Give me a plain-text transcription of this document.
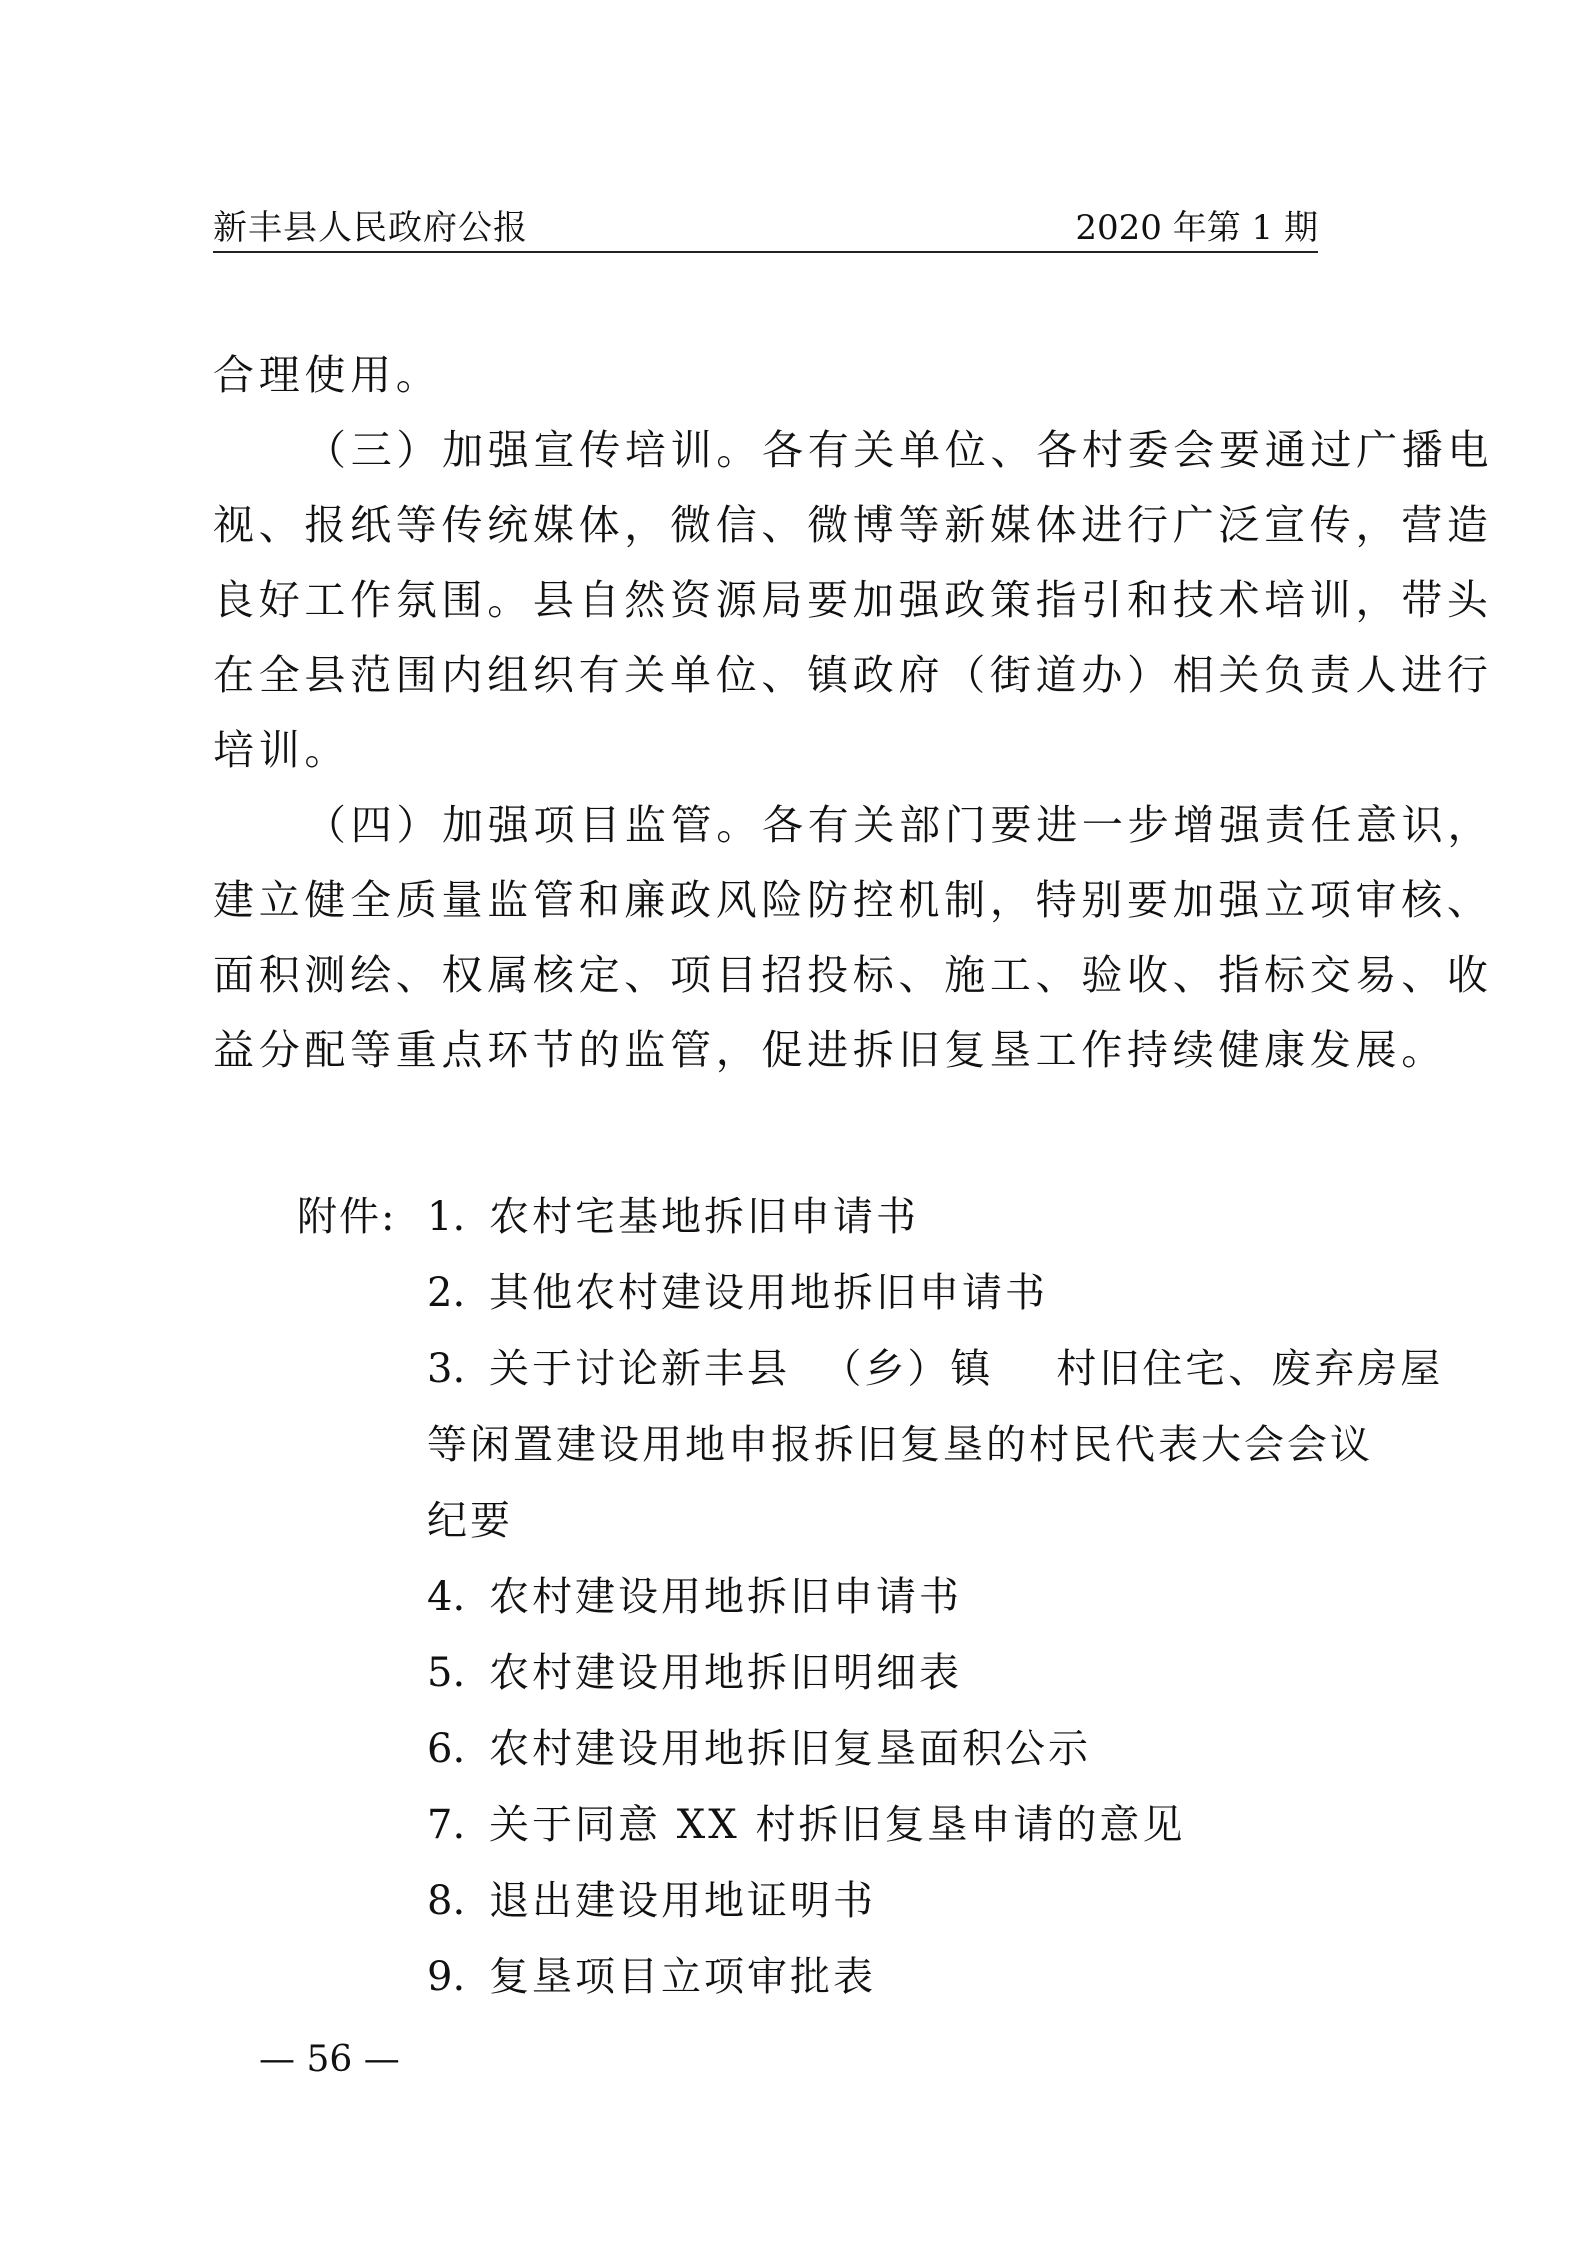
新丰县人民政府公报	2020 年第 1 期

合理使用。

（三）加强宣传培训。各有关单位、各村委会要通过广播电

视、报纸等传统媒体，微信、微博等新媒体进行广泛宣传，营造

良好工作氛围。县自然资源局要加强政策指引和技术培训，带头

在全县范围内组织有关单位、镇政府（街道办）相关负责人进行

培训。

（四）加强项目监管。各有关部门要进一步增强责任意识，

建立健全质量监管和廉政风险防控机制，特别要加强立项审核、

面积测绘、权属核定、项目招投标、施工、验收、指标交易、收

益分配等重点环节的监管，促进拆旧复垦工作持续健康发展。

附件: 1. 农村宅基地拆旧申请书
2. 其他农村建设用地拆旧申请书
3. 关于讨论新丰县  （乡）镇    村旧住宅、废弃房屋
等闲置建设用地申报拆旧复垦的村民代表大会会议
纪要
4. 农村建设用地拆旧申请书
5. 农村建设用地拆旧明细表
6. 农村建设用地拆旧复垦面积公示
7. 关于同意 XX 村拆旧复垦申请的意见
8. 退出建设用地证明书
9. 复垦项目立项审批表
— 56 —
